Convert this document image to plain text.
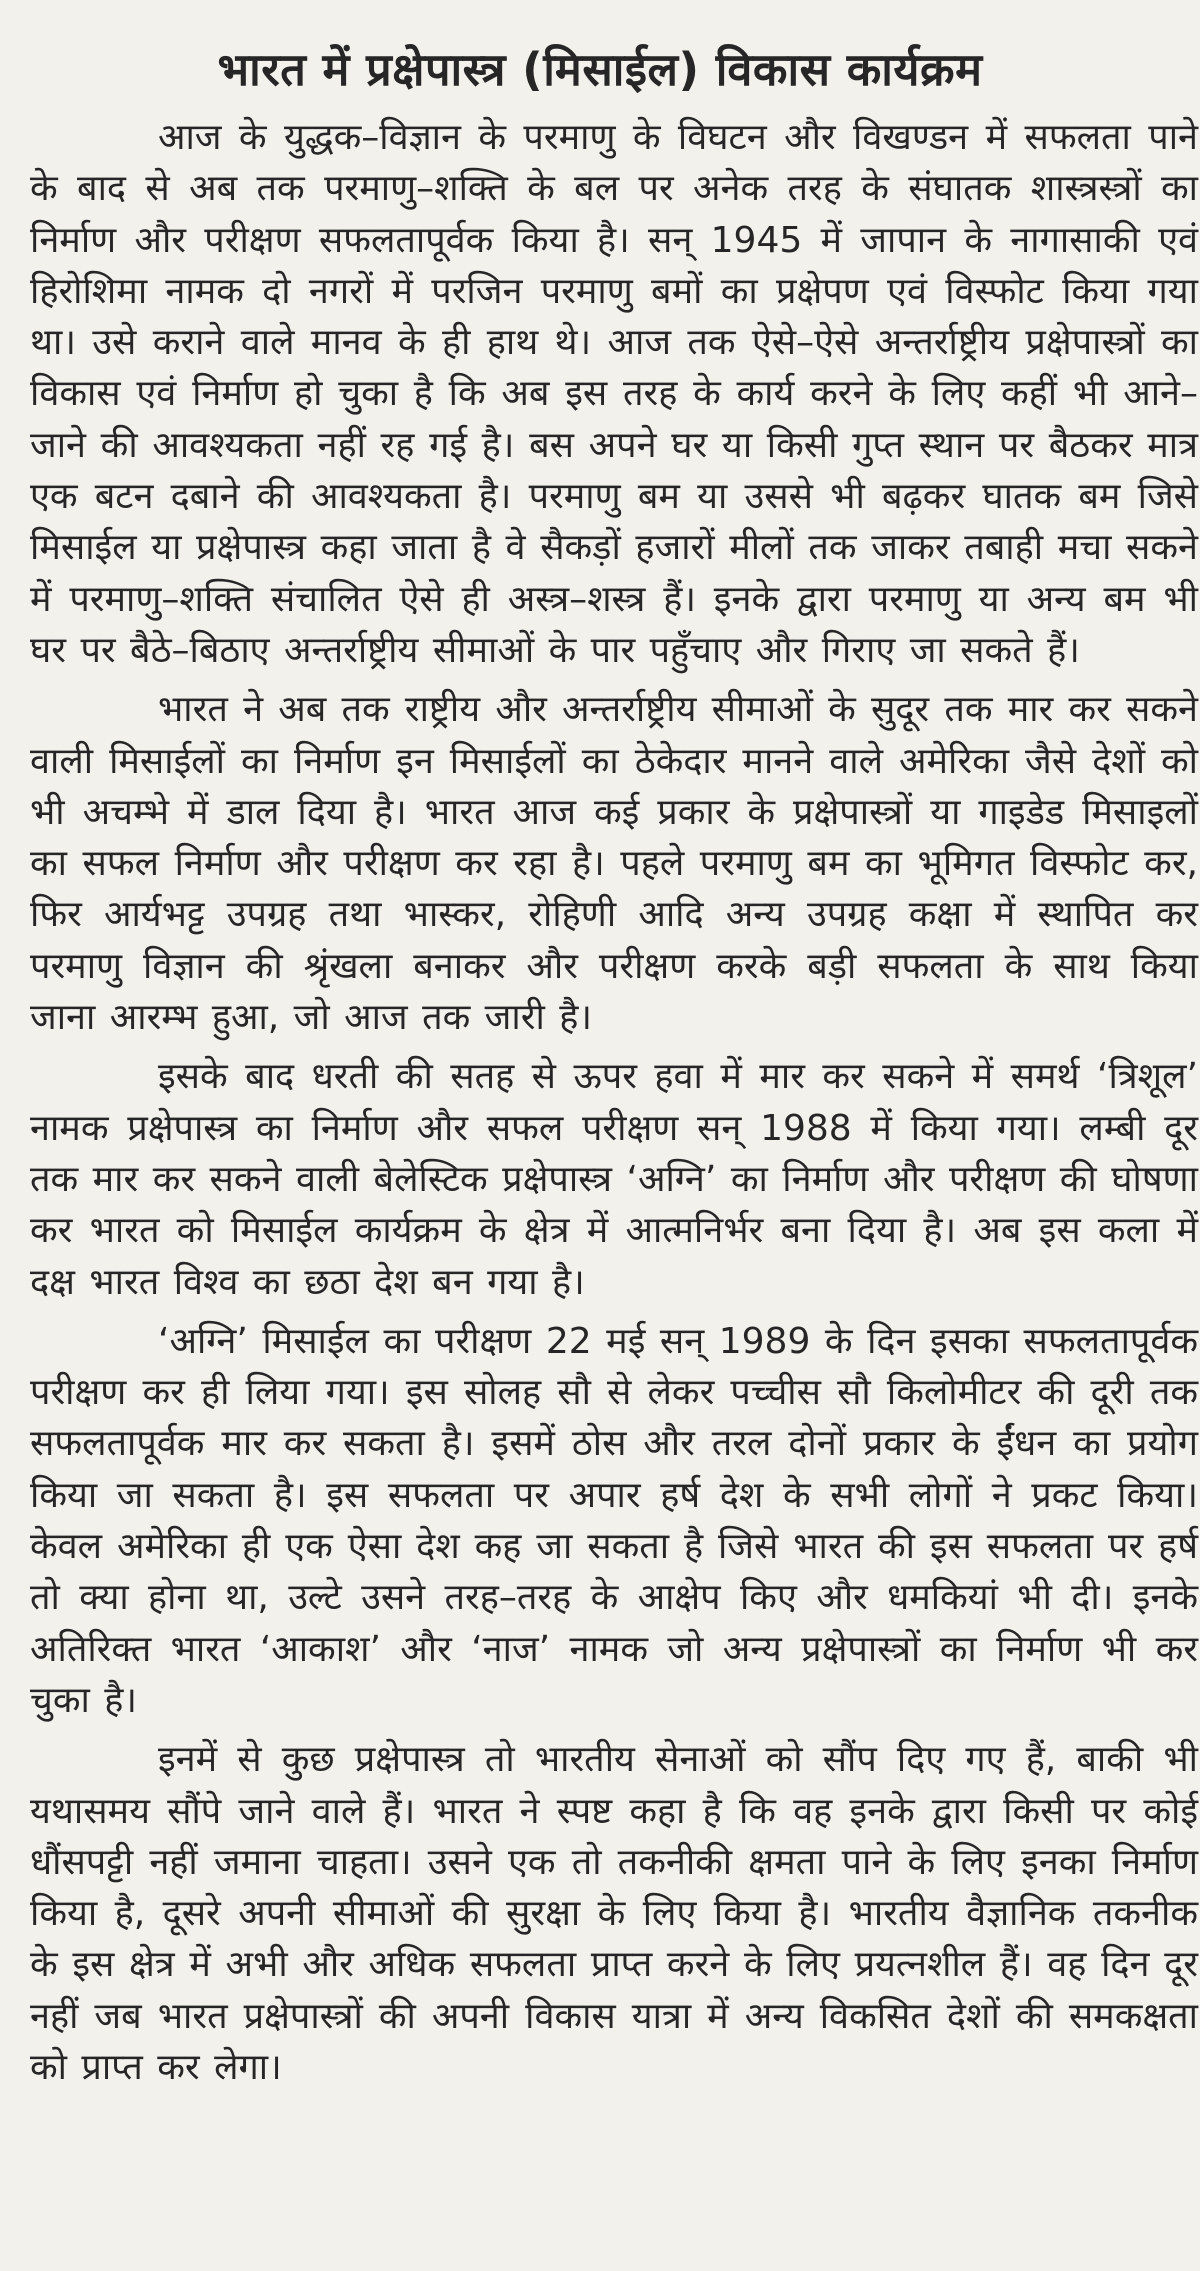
भारत में प्रक्षेपास्त्र (मिसाईल) विकास कार्यक्रम

आज के युद्धक–विज्ञान के परमाणु के विघटन और विखण्डन में सफलता पाने के बाद से अब तक परमाणु–शक्ति के बल पर अनेक तरह के संघातक शास्त्रस्त्रों का निर्माण और परीक्षण सफलतापूर्वक किया है। सन् 1945 में जापान के नागासाकी एवं हिरोशिमा नामक दो नगरों में परजिन परमाणु बमों का प्रक्षेपण एवं विस्फोट किया गया था। उसे कराने वाले मानव के ही हाथ थे। आज तक ऐसे–ऐसे अन्तर्राष्ट्रीय प्रक्षेपास्त्रों का विकास एवं निर्माण हो चुका है कि अब इस तरह के कार्य करने के लिए कहीं भी आने–जाने की आवश्यकता नहीं रह गई है। बस अपने घर या किसी गुप्त स्थान पर बैठकर मात्र एक बटन दबाने की आवश्यकता है। परमाणु बम या उससे भी बढ़कर घातक बम जिसे मिसाईल या प्रक्षेपास्त्र कहा जाता है वे सैकड़ों हजारों मीलों तक जाकर तबाही मचा सकने में परमाणु–शक्ति संचालित ऐसे ही अस्त्र–शस्त्र हैं। इनके द्वारा परमाणु या अन्य बम भी घर पर बैठे–बिठाए अन्तर्राष्ट्रीय सीमाओं के पार पहुँचाए और गिराए जा सकते हैं।

भारत ने अब तक राष्ट्रीय और अन्तर्राष्ट्रीय सीमाओं के सुदूर तक मार कर सकने वाली मिसाईलों का निर्माण इन मिसाईलों का ठेकेदार मानने वाले अमेरिका जैसे देशों को भी अचम्भे में डाल दिया है। भारत आज कई प्रकार के प्रक्षेपास्त्रों या गाइडेड मिसाइलों का सफल निर्माण और परीक्षण कर रहा है। पहले परमाणु बम का भूमिगत विस्फोट कर, फिर आर्यभट्ट उपग्रह तथा भास्कर, रोहिणी आदि अन्य उपग्रह कक्षा में स्थापित कर परमाणु विज्ञान की श्रृंखला बनाकर और परीक्षण करके बड़ी सफलता के साथ किया जाना आरम्भ हुआ, जो आज तक जारी है।

इसके बाद धरती की सतह से ऊपर हवा में मार कर सकने में समर्थ ‘त्रिशूल’ नामक प्रक्षेपास्त्र का निर्माण और सफल परीक्षण सन् 1988 में किया गया। लम्बी दूर तक मार कर सकने वाली बेलेस्टिक प्रक्षेपास्त्र ‘अग्नि’ का निर्माण और परीक्षण की घोषणा कर भारत को मिसाईल कार्यक्रम के क्षेत्र में आत्मनिर्भर बना दिया है। अब इस कला में दक्ष भारत विश्व का छठा देश बन गया है।

‘अग्नि’ मिसाईल का परीक्षण 22 मई सन् 1989 के दिन इसका सफलतापूर्वक परीक्षण कर ही लिया गया। इस सोलह सौ से लेकर पच्चीस सौ किलोमीटर की दूरी तक सफलतापूर्वक मार कर सकता है। इसमें ठोस और तरल दोनों प्रकार के ईंधन का प्रयोग किया जा सकता है। इस सफलता पर अपार हर्ष देश के सभी लोगों ने प्रकट किया। केवल अमेरिका ही एक ऐसा देश कह जा सकता है जिसे भारत की इस सफलता पर हर्ष तो क्या होना था, उल्टे उसने तरह–तरह के आक्षेप किए और धमकियां भी दी। इनके अतिरिक्त भारत ‘आकाश’ और ‘नाज’ नामक जो अन्य प्रक्षेपास्त्रों का निर्माण भी कर चुका है।

इनमें से कुछ प्रक्षेपास्त्र तो भारतीय सेनाओं को सौंप दिए गए हैं, बाकी भी यथासमय सौंपे जाने वाले हैं। भारत ने स्पष्ट कहा है कि वह इनके द्वारा किसी पर कोई धौंसपट्टी नहीं जमाना चाहता। उसने एक तो तकनीकी क्षमता पाने के लिए इनका निर्माण किया है, दूसरे अपनी सीमाओं की सुरक्षा के लिए किया है। भारतीय वैज्ञानिक तकनीक के इस क्षेत्र में अभी और अधिक सफलता प्राप्त करने के लिए प्रयत्नशील हैं। वह दिन दूर नहीं जब भारत प्रक्षेपास्त्रों की अपनी विकास यात्रा में अन्य विकसित देशों की समकक्षता को प्राप्त कर लेगा।
